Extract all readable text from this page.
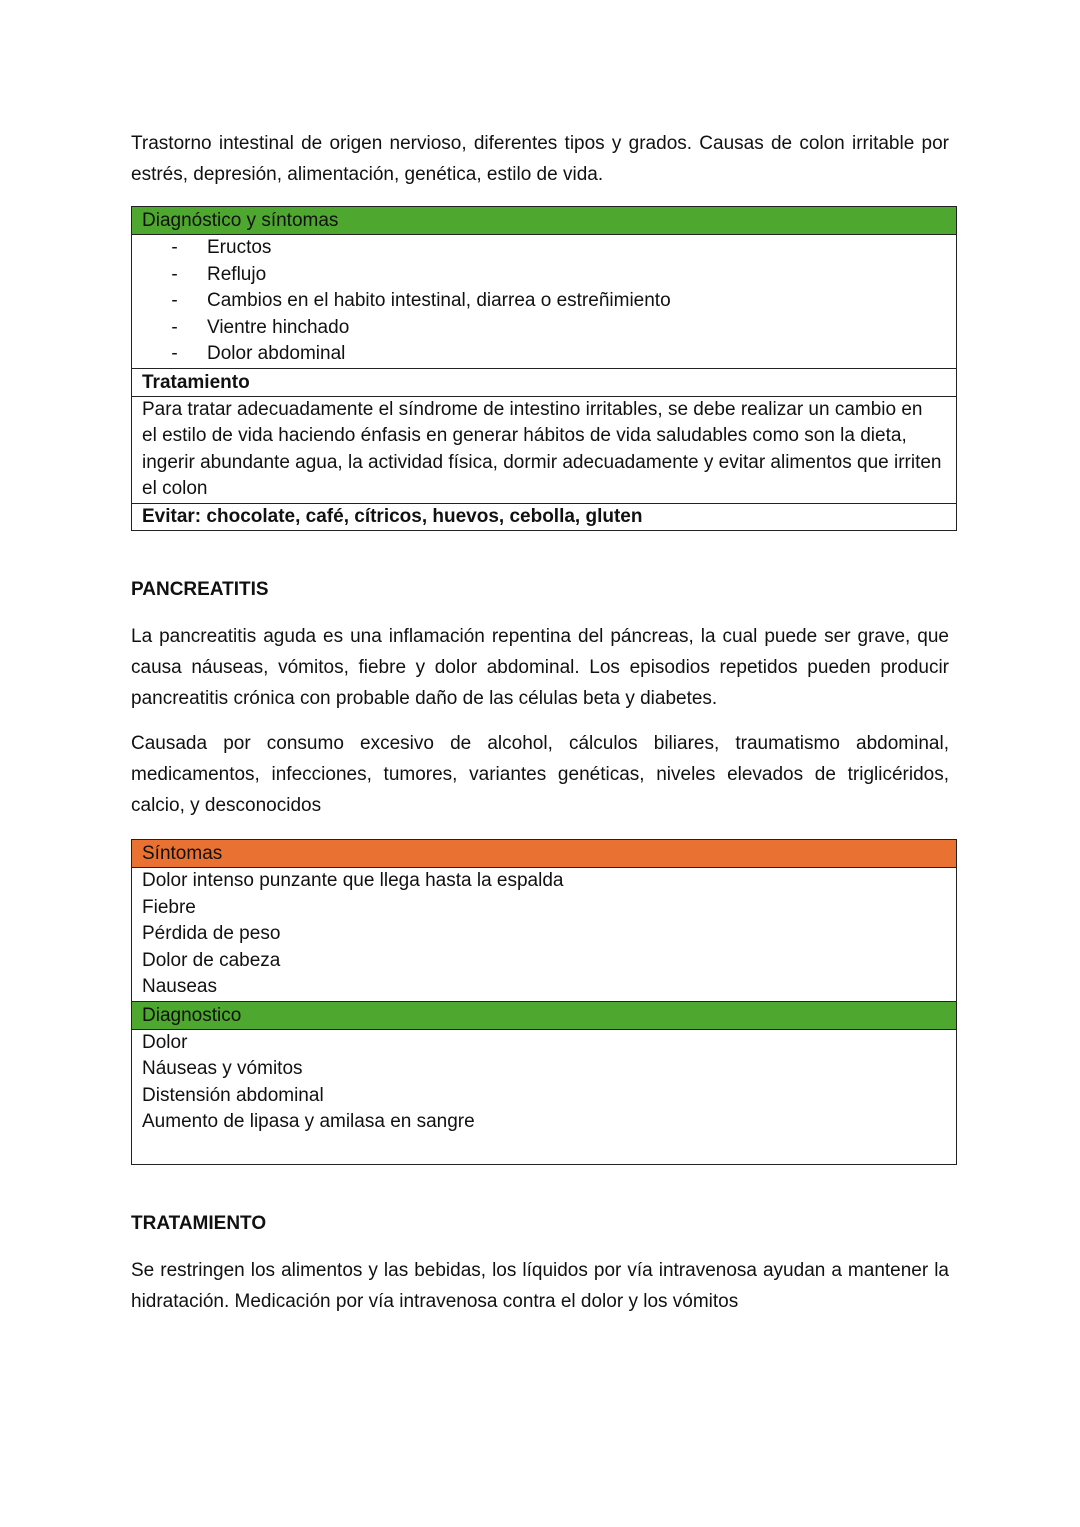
Trastorno intestinal de origen nervioso, diferentes tipos y grados. Causas de colon irritable por estrés, depresión, alimentación, genética, estilo de vida.

Diagnóstico y síntomas
-	Eructos
-	Reflujo
-	Cambios en el habito intestinal, diarrea o estreñimiento
-	Vientre hinchado
-	Dolor abdominal
Tratamiento
Para tratar adecuadamente el síndrome de intestino irritables, se debe realizar un cambio en el estilo de vida haciendo énfasis en generar hábitos de vida saludables como son la dieta, ingerir abundante agua, la actividad física, dormir adecuadamente y evitar alimentos que irriten el colon
Evitar: chocolate, café, cítricos, huevos, cebolla, gluten
PANCREATITIS

La pancreatitis aguda es una inflamación repentina del páncreas, la cual puede ser grave, que causa náuseas, vómitos, fiebre y dolor abdominal. Los episodios repetidos pueden producir pancreatitis crónica con probable daño de las células beta y diabetes.

Causada por consumo excesivo de alcohol, cálculos biliares, traumatismo abdominal, medicamentos, infecciones, tumores, variantes genéticas, niveles elevados de triglicéridos, calcio, y desconocidos

Síntomas
Dolor intenso punzante que llega hasta la espalda
Fiebre
Pérdida de peso
Dolor de cabeza
Nauseas
Diagnostico
Dolor
Náuseas y vómitos
Distensión abdominal
Aumento de lipasa y amilasa en sangre
TRATAMIENTO

Se restringen los alimentos y las bebidas, los líquidos por vía intravenosa ayudan a mantener la hidratación. Medicación por vía intravenosa contra el dolor y los vómitos
